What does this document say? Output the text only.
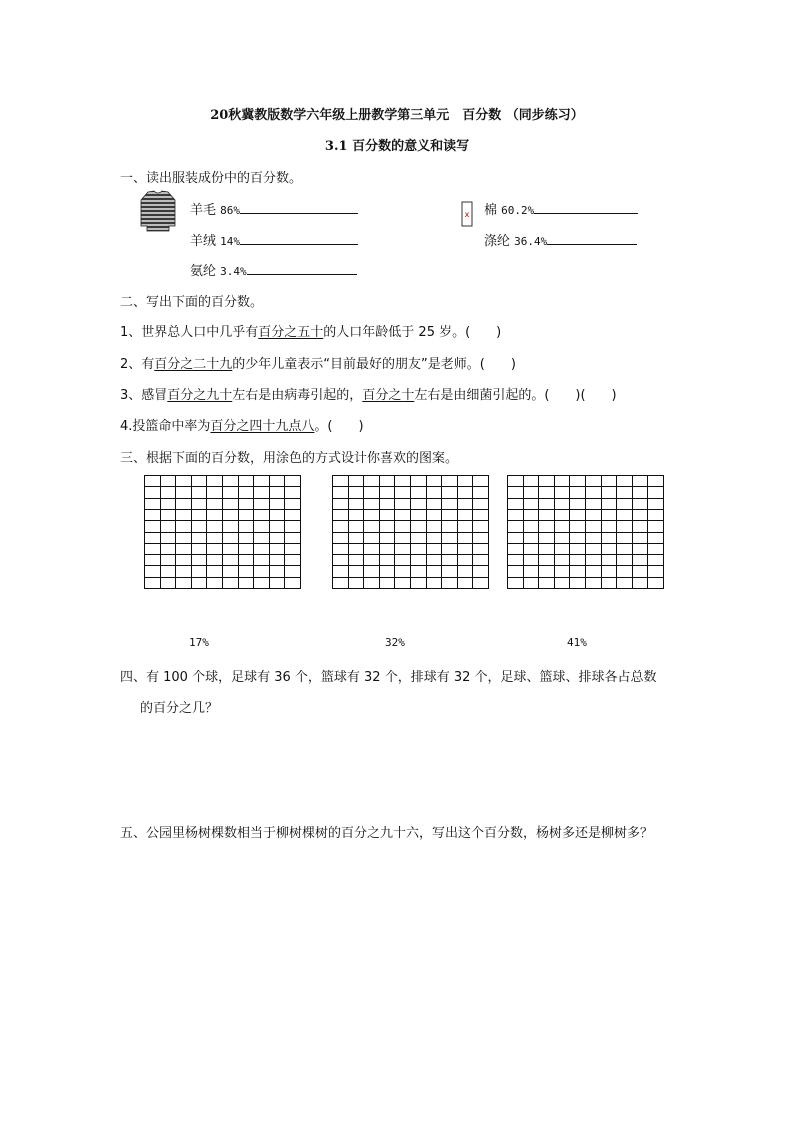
20秋冀教版数学六年级上册教学第三单元　百分数 （同步练习）
3.1 百分数的意义和读写
一、读出服装成份中的百分数。
x
羊毛 86%
羊绒 14%
氨纶 3.4%
棉 60.2%
涤纶 36.4%
二、写出下面的百分数。
1、世界总人口中几乎有百分之五十的人口年龄低于 25 岁。(　　)
2、有百分之二十九的少年儿童表示“目前最好的朋友”是老师。(　　)
3、感冒百分之九十左右是由病毒引起的，百分之十左右是由细菌引起的。(　　)(　　)
4.投篮命中率为百分之四十九点八。(　　)
三、根据下面的百分数，用涂色的方式设计你喜欢的图案。
17%	32%	41%
四、有 100 个球，足球有 36 个，篮球有 32 个，排球有 32 个，足球、篮球、排球各占总数
的百分之几？
五、公园里杨树棵数相当于柳树棵树的百分之九十六，写出这个百分数，杨树多还是柳树多？
